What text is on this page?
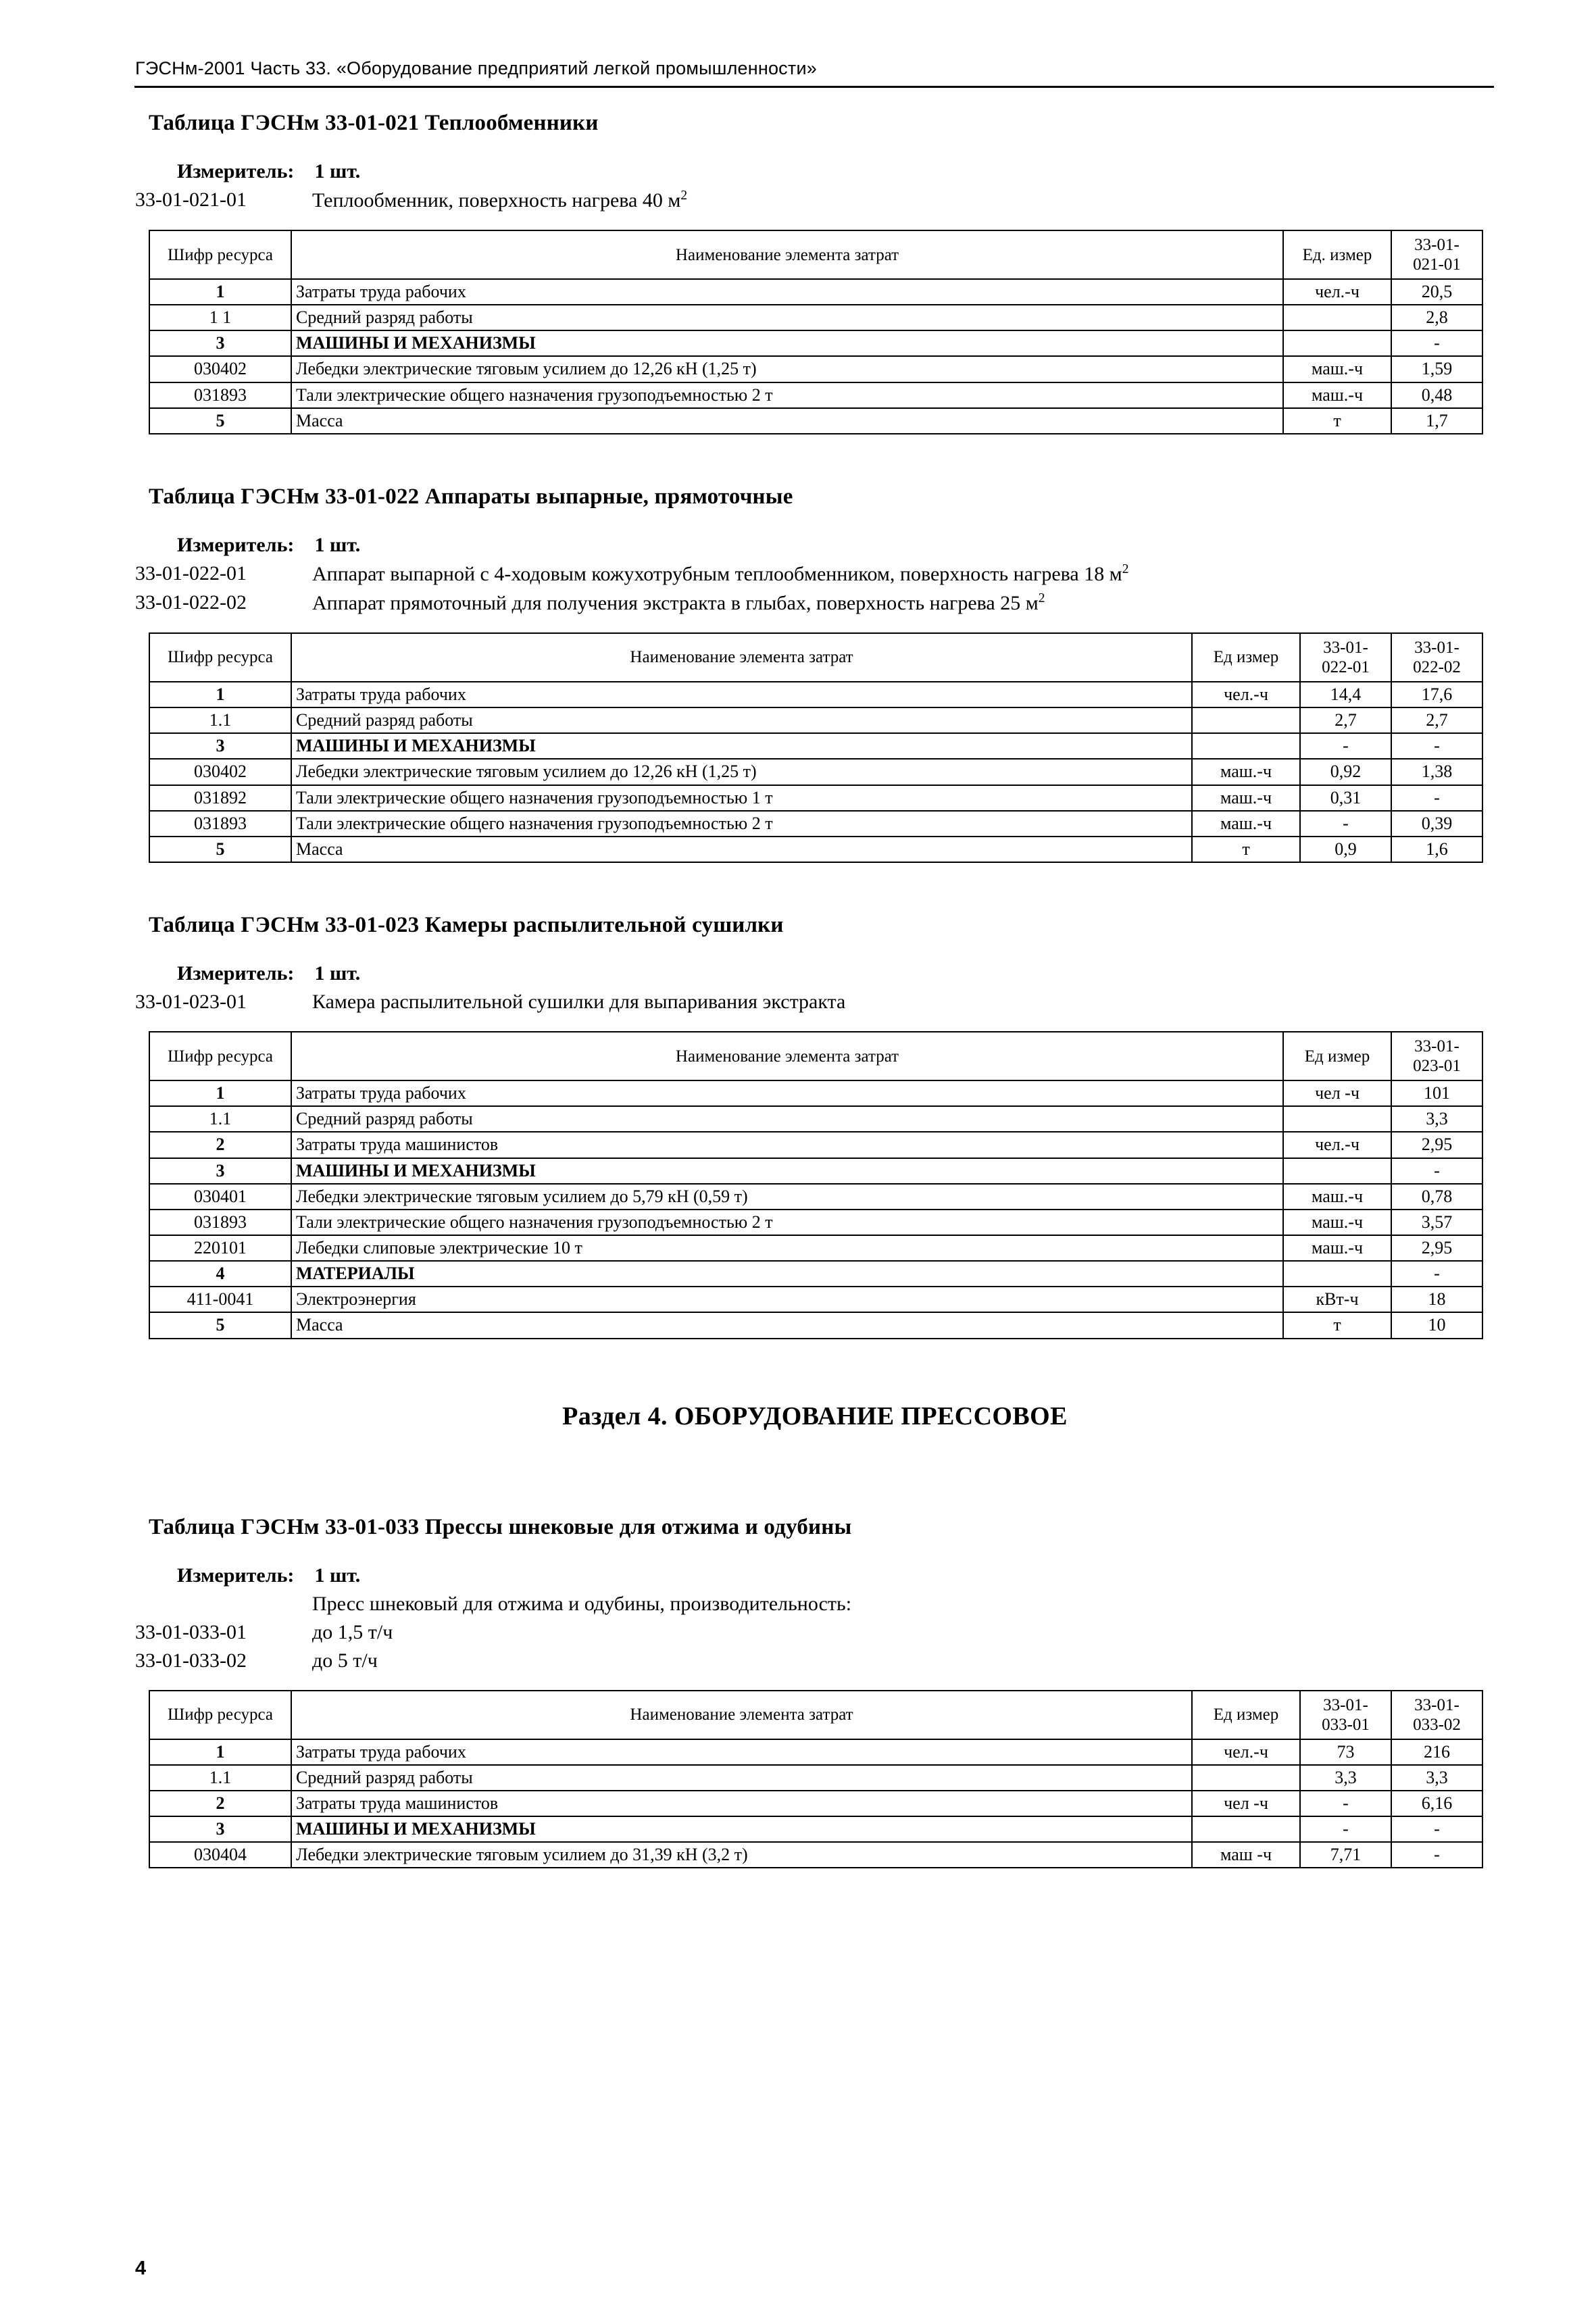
ГЭСНм-2001 Часть 33. «Оборудование предприятий легкой промышленности»
Таблица ГЭСНм 33-01-021 Теплообменники
Измеритель: 1 шт.
33-01-021-01	Теплообменник, поверхность нагрева 40 $м^2$
Шифр ресурса	Наименование элемента затрат	Ед. измер	33-01-
021-01
1	Затраты труда рабочих	чел.-ч	20,5
1 1	Средний разряд работы		2,8
3	МАШИНЫ И МЕХАНИЗМЫ		-
030402	Лебедки электрические тяговым усилием до 12,26 кН (1,25 т)	маш.-ч	1,59
031893	Тали электрические общего назначения грузоподъемностью 2 т	маш.-ч	0,48
5	Масса	т	1,7
Таблица ГЭСНм 33-01-022 Аппараты выпарные, прямоточные
Измеритель: 1 шт.
33-01-022-01	Аппарат выпарной с 4-ходовым кожухотрубным теплообменником, поверхность нагрева 18 $м^2$
33-01-022-02	Аппарат прямоточный для получения экстракта в глыбах, поверхность нагрева 25 $м^2$
Шифр ресурса	Наименование элемента затрат	Ед измер	33-01-
022-01	33-01-
022-02
1	Затраты труда рабочих	чел.-ч	14,4	17,6
1.1	Средний разряд работы		2,7	2,7
3	МАШИНЫ И МЕХАНИЗМЫ		-	-
030402	Лебедки электрические тяговым усилием до 12,26 кН (1,25 т)	маш.-ч	0,92	1,38
031892	Тали электрические общего назначения грузоподъемностью 1 т	маш.-ч	0,31	-
031893	Тали электрические общего назначения грузоподъемностью 2 т	маш.-ч	-	0,39
5	Масса	т	0,9	1,6
Таблица ГЭСНм 33-01-023 Камеры распылительной сушилки
Измеритель: 1 шт.
33-01-023-01	Камера распылительной сушилки для выпаривания экстракта
Шифр ресурса	Наименование элемента затрат	Ед измер	33-01-
023-01
1	Затраты труда рабочих	чел -ч	101
1.1	Средний разряд работы		3,3
2	Затраты труда машинистов	чел.-ч	2,95
3	МАШИНЫ И МЕХАНИЗМЫ		-
030401	Лебедки электрические тяговым усилием до 5,79 кН (0,59 т)	маш.-ч	0,78
031893	Тали электрические общего назначения грузоподъемностью 2 т	маш.-ч	3,57
220101	Лебедки слиповые электрические 10 т	маш.-ч	2,95
4	МАТЕРИАЛЫ		-
411-0041	Электроэнергия	кВт-ч	18
5	Масса	т	10
Раздел 4. ОБОРУДОВАНИЕ ПРЕССОВОЕ
Таблица ГЭСНм 33-01-033 Прессы шнековые для отжима и одубины
Измеритель: 1 шт.

Пресс шнековый для отжима и одубины, производительность:
33-01-033-01	до 1,5 т/ч
33-01-033-02	до 5 т/ч
Шифр ресурса	Наименование элемента затрат	Ед измер	33-01-
033-01	33-01-
033-02
1	Затраты труда рабочих	чел.-ч	73	216
1.1	Средний разряд работы		3,3	3,3
2	Затраты труда машинистов	чел -ч	-	6,16
3	МАШИНЫ И МЕХАНИЗМЫ		-	-
030404	Лебедки электрические тяговым усилием до 31,39 кН (3,2 т)	маш -ч	7,71	-
4
